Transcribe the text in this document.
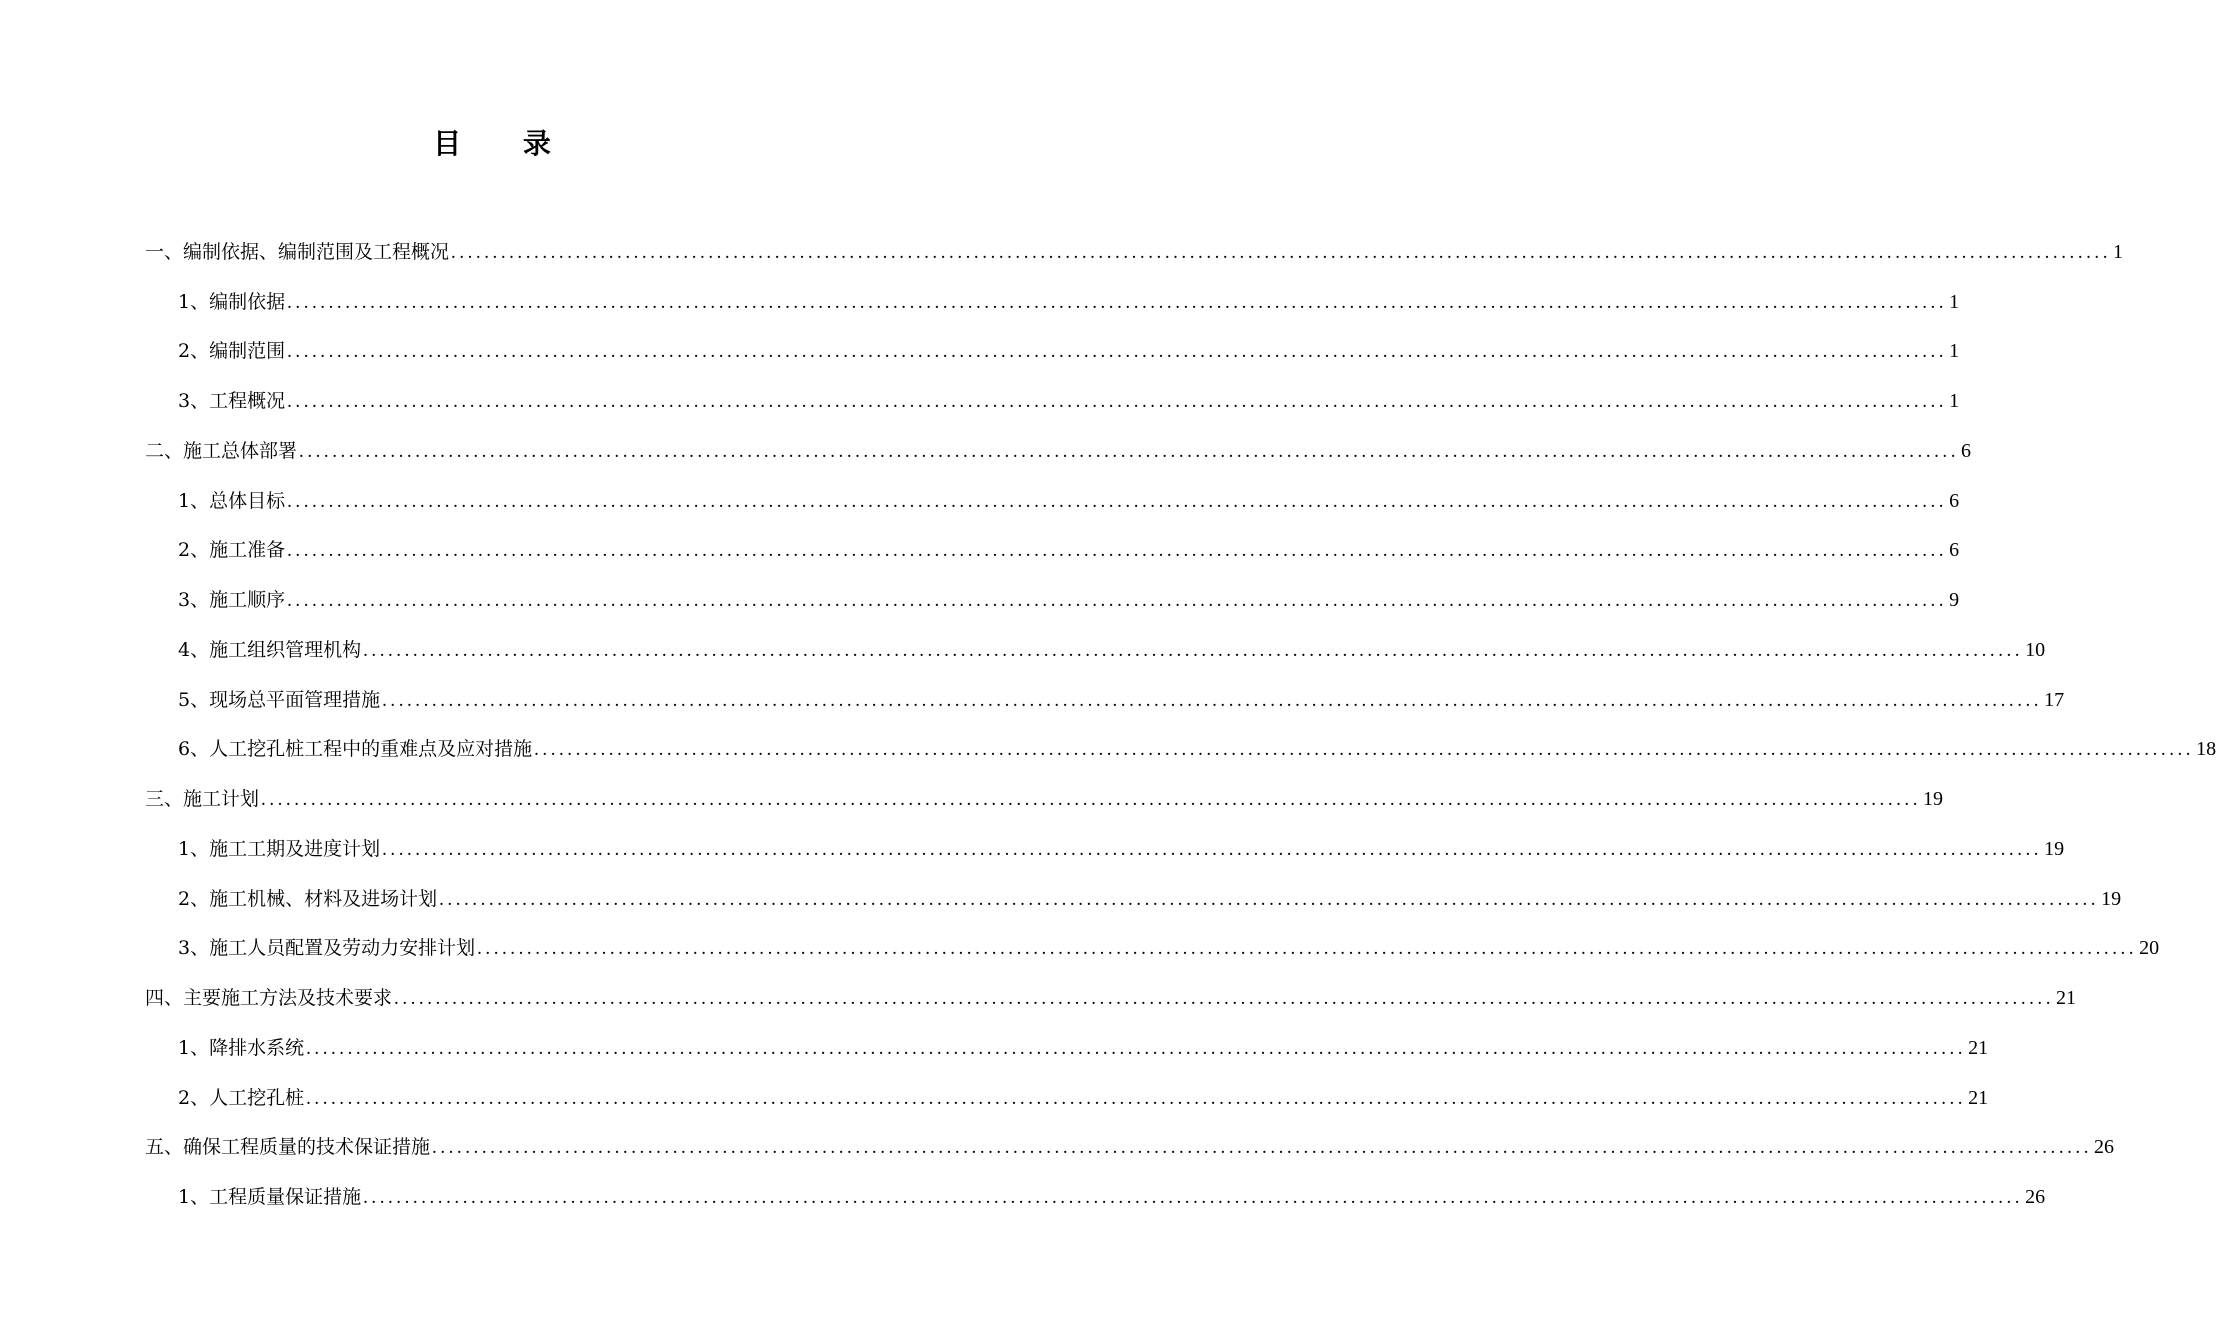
目 录
一、编制依据、编制范围及工程概况 ........................................................................................................................................................................................................ 1
1、编制依据 ........................................................................................................................................................................................................ 1
2、编制范围 ........................................................................................................................................................................................................ 1
3、工程概况 ........................................................................................................................................................................................................ 1
二、施工总体部署 ........................................................................................................................................................................................................ 6
1、总体目标 ........................................................................................................................................................................................................ 6
2、施工准备 ........................................................................................................................................................................................................ 6
3、施工顺序 ........................................................................................................................................................................................................ 9
4、施工组织管理机构 ........................................................................................................................................................................................................ 10
5、现场总平面管理措施 ........................................................................................................................................................................................................ 17
6、人工挖孔桩工程中的重难点及应对措施 ........................................................................................................................................................................................................ 18
三、施工计划 ........................................................................................................................................................................................................ 19
1、施工工期及进度计划 ........................................................................................................................................................................................................ 19
2、施工机械、材料及进场计划 ........................................................................................................................................................................................................ 19
3、施工人员配置及劳动力安排计划 ........................................................................................................................................................................................................ 20
四、主要施工方法及技术要求 ........................................................................................................................................................................................................ 21
1、降排水系统 ........................................................................................................................................................................................................ 21
2、人工挖孔桩 ........................................................................................................................................................................................................ 21
五、确保工程质量的技术保证措施 ........................................................................................................................................................................................................ 26
1、工程质量保证措施 ........................................................................................................................................................................................................ 26
